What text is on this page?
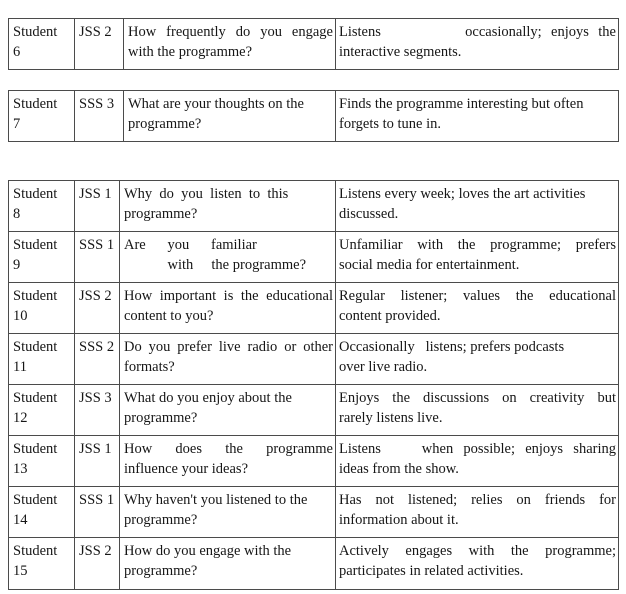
Student
6
JSS 2	How frequently do you engage
with the programme?
Listens         occasionally; enjoys the
interactive segments.
Student
7
SSS 3 What are your thoughts on the
programme?
Finds the programme interesting but often
forgets to tune in.
Student
8
JSS 1 Why  do  you  listen  to  this
programme?
Listens every week; loves the art activities
discussed.
Student
9
SSS 1 Are      you      familiar
with     the programme?
Unfamiliar with the programme; prefers
social media for entertainment.
Student
10
JSS 2 How important is the educational
content to you?
Regular listener; values the educational
content provided.
Student
11
SSS 2 Do you prefer live radio or other
formats?
Occasionally   listens; prefers podcasts
over live radio.
Student
12
JSS 3 What do you enjoy about the
programme?
Enjoys the discussions on creativity but
rarely listens live.
Student
13
JSS 1 How   does   the   programme
influence your ideas?
Listens    when possible; enjoys sharing
ideas from the show.
Student
14
SSS 1 Why haven't you listened to the
programme?
Has not listened; relies on friends for
information about it.
Student
15
JSS 2 How do you engage with the
programme?
Actively engages with the programme;
participates in related activities.
